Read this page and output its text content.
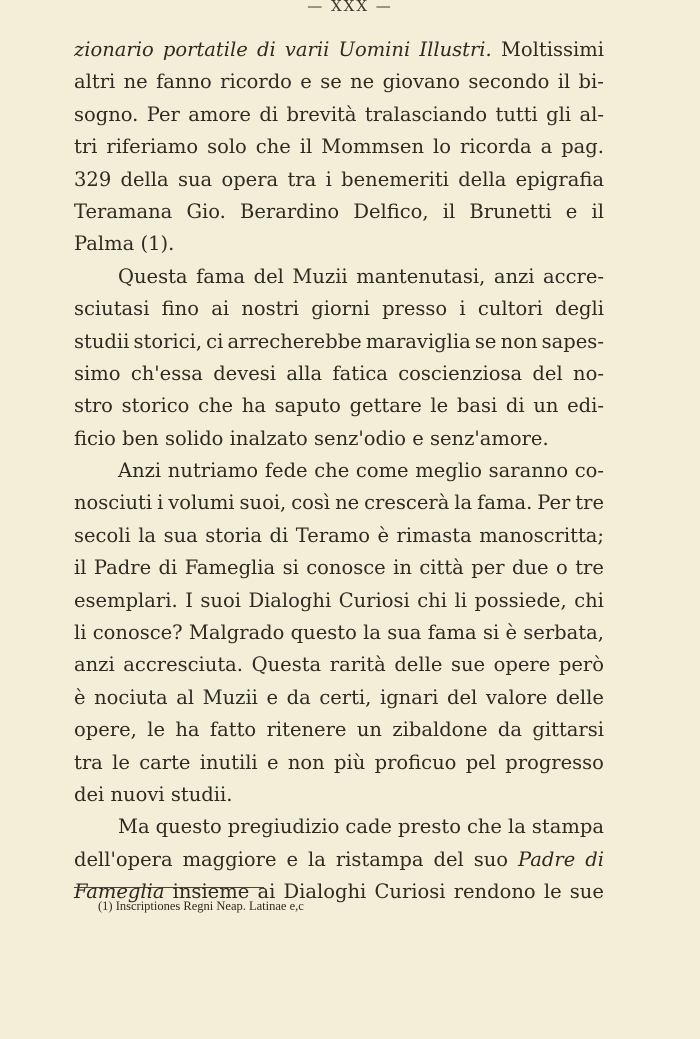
— XXX —
zionario portatile di varii Uomini Illustri. Moltissimi
altri ne fanno ricordo e se ne giovano secondo il bi-
sogno. Per amore di brevità tralasciando tutti gli al-
tri riferiamo solo che il Mommsen lo ricorda a pag.
329 della sua opera tra i benemeriti della epigrafia
Teramana Gio. Berardino Delfico, il Brunetti e il
Palma (1).
Questa fama del Muzii mantenutasi, anzi accre-
sciutasi fino ai nostri giorni presso i cultori degli
studii storici, ci arrecherebbe maraviglia se non sapes-
simo ch'essa devesi alla fatica coscienziosa del no-
stro storico che ha saputo gettare le basi di un edi-
ficio ben solido inalzato senz'odio e senz'amore.
Anzi nutriamo fede che come meglio saranno co-
nosciuti i volumi suoi, così ne crescerà la fama. Per tre
secoli la sua storia di Teramo è rimasta manoscritta;
il Padre di Fameglia si conosce in città per due o tre
esemplari. I suoi Dialoghi Curiosi chi li possiede, chi
li conosce? Malgrado questo la sua fama si è serbata,
anzi accresciuta. Questa rarità delle sue opere però
è nociuta al Muzii e da certi, ignari del valore delle
opere, le ha fatto ritenere un zibaldone da gittarsi
tra le carte inutili e non più proficuo pel progresso
dei nuovi studii.
Ma questo pregiudizio cade presto che la stampa
dell'opera maggiore e la ristampa del suo Padre di
Fameglia insieme ai Dialoghi Curiosi rendono le sue
(1) Inscriptiones Regni Neap. Latinae e,c
